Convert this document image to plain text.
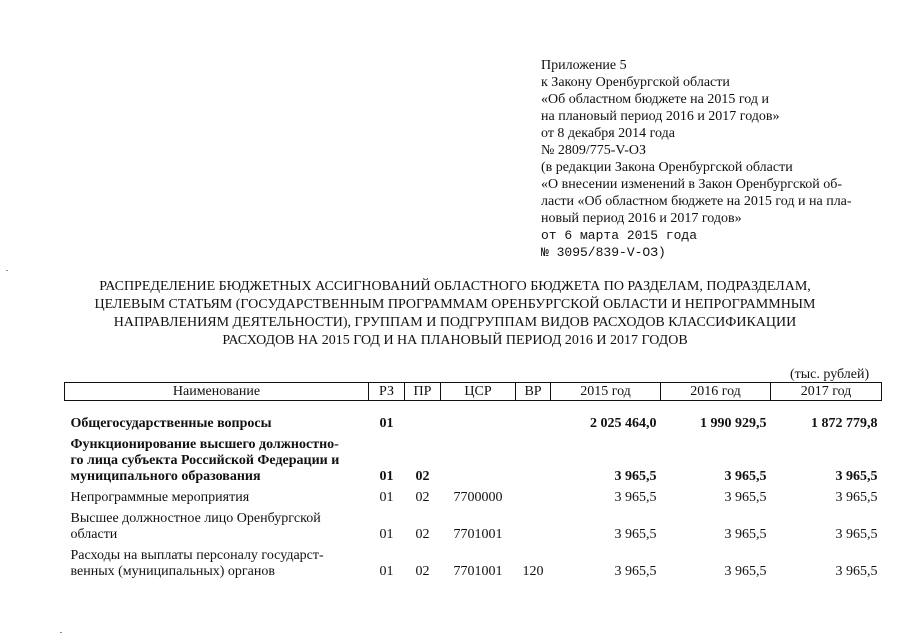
Приложение 5
к Закону Оренбургской области
«Об областном бюджете на 2015 год и
на плановый период 2016 и 2017 годов»
от 8 декабря 2014 года
№ 2809/775-V-ОЗ
(в редакции Закона Оренбургской области
«О внесении изменений в Закон Оренбургской об-
ласти «Об областном бюджете на 2015 год и на пла-
новый период 2016 и 2017 годов»
от 6 марта 2015 года
№ 3095/839-V-ОЗ)
РАСПРЕДЕЛЕНИЕ БЮДЖЕТНЫХ АССИГНОВАНИЙ ОБЛАСТНОГО БЮДЖЕТА ПО РАЗДЕЛАМ, ПОДРАЗДЕЛАМ,
ЦЕЛЕВЫМ СТАТЬЯМ (ГОСУДАРСТВЕННЫМ ПРОГРАММАМ ОРЕНБУРГСКОЙ ОБЛАСТИ И НЕПРОГРАММНЫМ
НАПРАВЛЕНИЯМ ДЕЯТЕЛЬНОСТИ), ГРУППАМ И ПОДГРУППАМ ВИДОВ РАСХОДОВ КЛАССИФИКАЦИИ
РАСХОДОВ НА 2015 ГОД И НА ПЛАНОВЫЙ ПЕРИОД 2016 И 2017 ГОДОВ
(тыс. рублей)
Наименование	РЗ	ПР	ЦСР	ВР	2015 год	2016 год	2017 год

Общегосударственные вопросы	01				2 025 464,0	1 990 929,5	1 872 779,8

Функционирование высшего должностно-
го лица субъекта Российской Федерации и
муниципального образования	01	02			3 965,5	3 965,5	3 965,5

Непрограммные мероприятия	01	02	7700000		3 965,5	3 965,5	3 965,5

Высшее должностное лицо Оренбургской
области	01	02	7701001		3 965,5	3 965,5	3 965,5

Расходы на выплаты персоналу государст-
венных (муниципальных) органов	01	02	7701001	120	3 965,5	3 965,5	3 965,5
